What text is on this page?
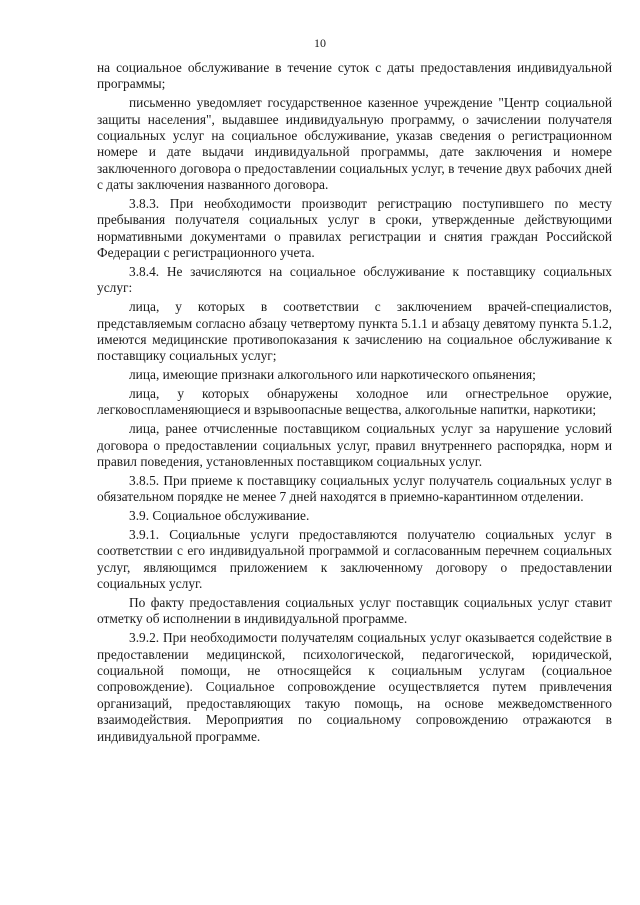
10

на социальное обслуживание в течение суток с даты предоставления индивидуальной программы;

письменно уведомляет государственное казенное учреждение "Центр социальной защиты населения", выдавшее индивидуальную программу, о зачислении получателя социальных услуг на социальное обслуживание, указав сведения о регистрационном номере и дате выдачи индивидуальной программы, дате заключения и номере заключенного договора о предоставлении социальных услуг, в течение двух рабочих дней с даты заключения названного договора.

3.8.3. При необходимости производит регистрацию поступившего по месту пребывания получателя социальных услуг в сроки, утвержденные действующими нормативными документами о правилах регистрации и снятия граждан Российской Федерации с регистрационного учета.

3.8.4. Не зачисляются на социальное обслуживание к поставщику социальных услуг:

лица, у которых в соответствии с заключением врачей-специалистов, представляемым согласно абзацу четвертому пункта 5.1.1 и абзацу девятому пункта 5.1.2, имеются медицинские противопоказания к зачислению на социальное обслуживание к поставщику социальных услуг;

лица, имеющие признаки алкогольного или наркотического опьянения;

лица, у которых обнаружены холодное или огнестрельное оружие, легковоспламеняющиеся и взрывоопасные вещества, алкогольные напитки, наркотики;

лица, ранее отчисленные поставщиком социальных услуг за нарушение условий договора о предоставлении социальных услуг, правил внутреннего распорядка, норм и правил поведения, установленных поставщиком социальных услуг.

3.8.5. При приеме к поставщику социальных услуг получатель социальных услуг в обязательном порядке не менее 7 дней находятся в приемно-карантинном отделении.

3.9. Социальное обслуживание.

3.9.1. Социальные услуги предоставляются получателю социальных услуг в соответствии с его индивидуальной программой и согласованным перечнем социальных услуг, являющимся приложением к заключенному договору о предоставлении социальных услуг.

По факту предоставления социальных услуг поставщик социальных услуг ставит отметку об исполнении в индивидуальной программе.

3.9.2. При необходимости получателям социальных услуг оказывается содействие в предоставлении медицинской, психологической, педагогической, юридической, социальной помощи, не относящейся к социальным услугам (социальное сопровождение). Социальное сопровождение осуществляется путем привлечения организаций, предоставляющих такую помощь, на основе межведомственного взаимодействия. Мероприятия по социальному сопровождению отражаются в индивидуальной программе.
